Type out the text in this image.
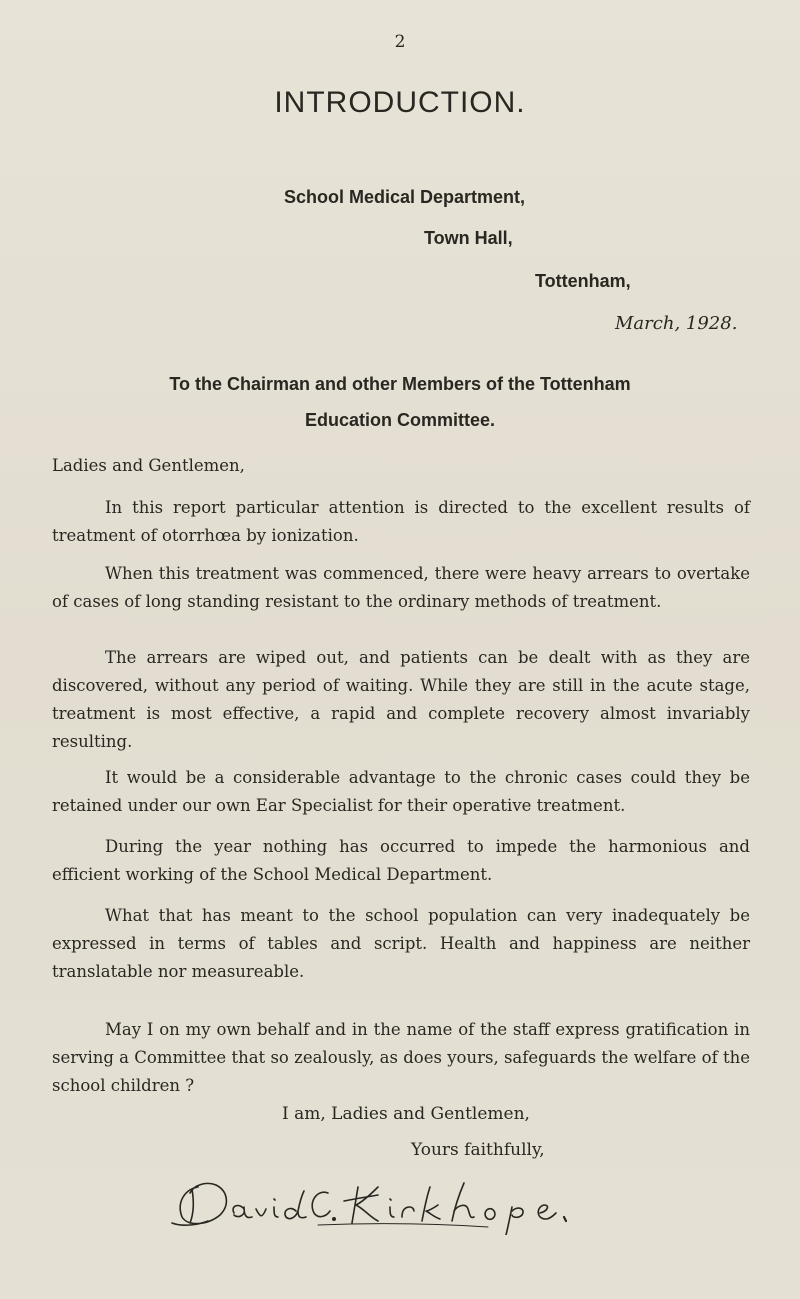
2

INTRODUCTION.

School Medical Department,

Town Hall,

Tottenham,

March, 1928.

To the Chairman and other Members of the Tottenham

Education Committee.

Ladies and Gentlemen,

In this report particular attention is directed to the excellent results of treatment of otorrhœa by ionization.

When this treatment was commenced, there were heavy arrears to overtake of cases of long standing resistant to the ordinary methods of treatment.

The arrears are wiped out, and patients can be dealt with as they are discovered, without any period of waiting. While they are still in the acute stage, treatment is most effective, a rapid and complete recovery almost invariably resulting.

It would be a considerable advantage to the chronic cases could they be retained under our own Ear Specialist for their operative treatment.

During the year nothing has occurred to impede the harmonious and efficient working of the School Medical Department.

What that has meant to the school population can very inadequately be expressed in terms of tables and script. Health and happiness are neither translatable nor measureable.

May I on my own behalf and in the name of the staff express gratification in serving a Committee that so zealously, as does yours, safeguards the welfare of the school children ?

I am, Ladies and Gentlemen,

Yours faithfully,
